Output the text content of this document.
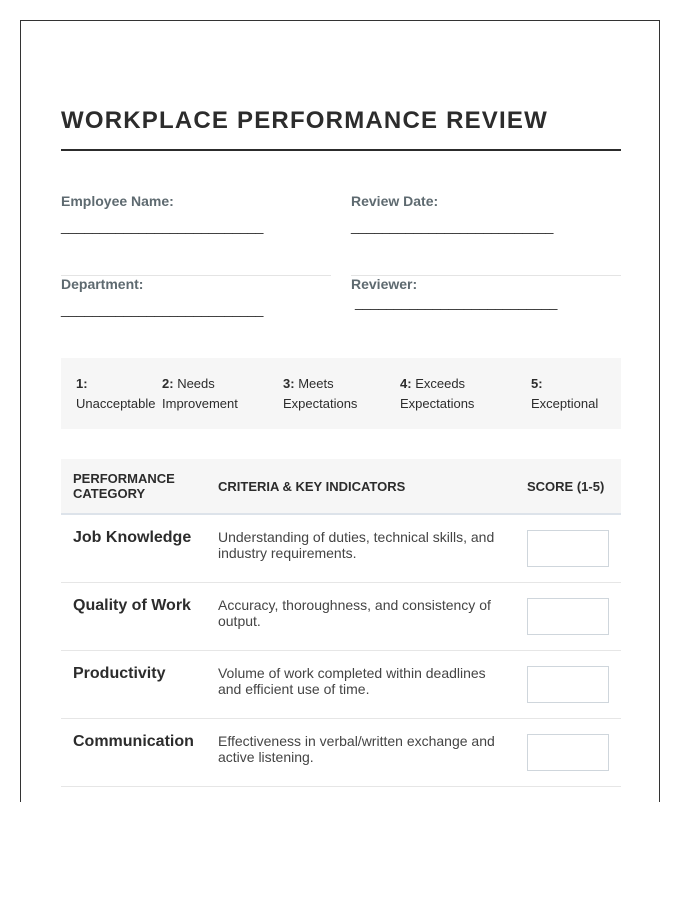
WORKPLACE PERFORMANCE REVIEW
Employee Name:
__________________________
Review Date:
__________________________
Department:
__________________________
Reviewer: __________________________
1:
Unacceptable
2: Needs Improvement
3: Meets Expectations
4: Exceeds Expectations
5:
Exceptional
PERFORMANCE CATEGORY	CRITERIA & KEY INDICATORS	SCORE (1-5)

Job Knowledge	Understanding of duties, technical skills, and industry requirements.	

Quality of Work	Accuracy, thoroughness, and consistency of output.	

Productivity	Volume of work completed within deadlines and efficient use of time.	

Communication	Effectiveness in verbal/written exchange and active listening.	
